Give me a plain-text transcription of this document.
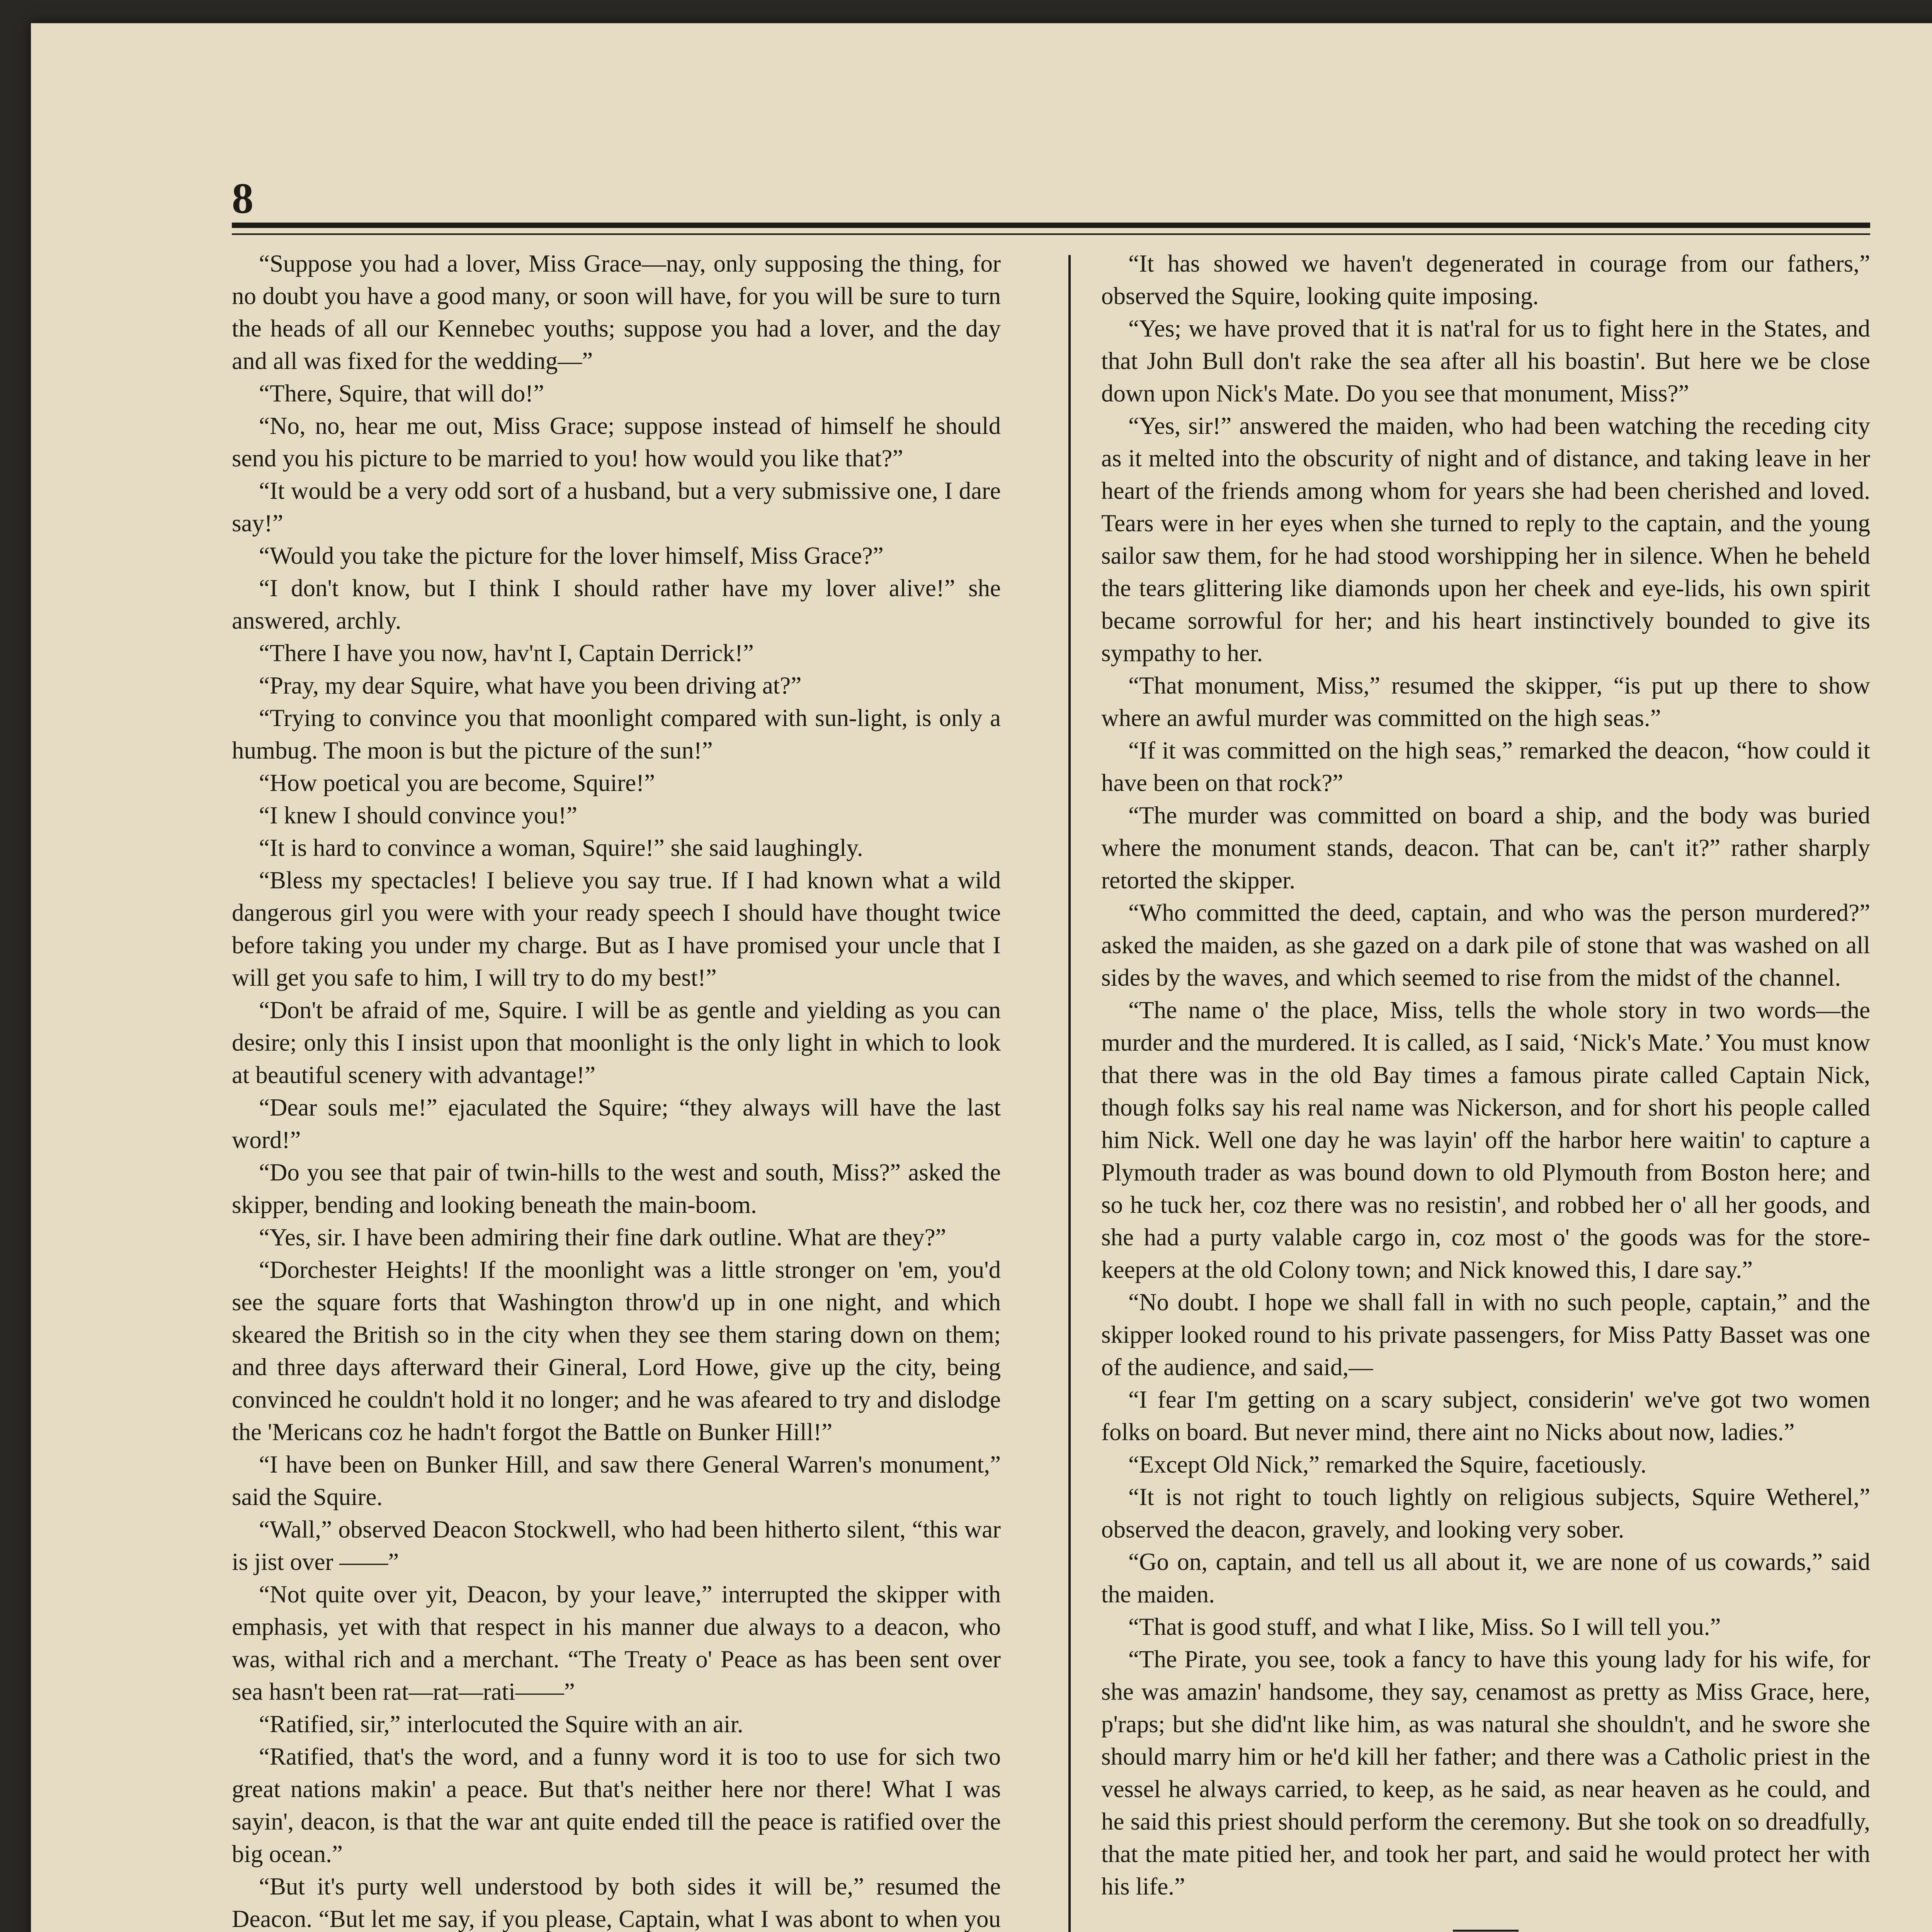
8

“Suppose you had a lover, Miss Grace—nay, only supposing the thing, for no doubt you have a good many, or soon will have, for you will be sure to turn the heads of all our Kennebec youths; suppose you had a lover, and the day and all was fixed for the wedding—”

“There, Squire, that will do!”

“No, no, hear me out, Miss Grace; suppose instead of himself he should send you his picture to be married to you! how would you like that?”

“It would be a very odd sort of a husband, but a very submissive one, I dare say!”

“Would you take the picture for the lover himself, Miss Grace?”

“I don't know, but I think I should rather have my lover alive!” she answered, archly.

“There I have you now, hav'nt I, Captain Derrick!”

“Pray, my dear Squire, what have you been driving at?”

“Trying to convince you that moonlight compared with sun-light, is only a humbug. The moon is but the picture of the sun!”

“How poetical you are become, Squire!”

“I knew I should convince you!”

“It is hard to convince a woman, Squire!” she said laughingly.

“Bless my spectacles! I believe you say true. If I had known what a wild dangerous girl you were with your ready speech I should have thought twice before taking you under my charge. But as I have promised your uncle that I will get you safe to him, I will try to do my best!”

“Don't be afraid of me, Squire. I will be as gentle and yielding as you can desire; only this I insist upon that moonlight is the only light in which to look at beautiful scenery with advantage!”

“Dear souls me!” ejaculated the Squire; “they always will have the last word!”

“Do you see that pair of twin-hills to the west and south, Miss?” asked the skipper, bending and looking beneath the main-boom.

“Yes, sir. I have been admiring their fine dark outline. What are they?”

“Dorchester Heights! If the moonlight was a little stronger on 'em, you'd see the square forts that Washington throw'd up in one night, and which skeared the British so in the city when they see them staring down on them; and three days afterward their Gineral, Lord Howe, give up the city, being convinced he couldn't hold it no longer; and he was afeared to try and dislodge the 'Mericans coz he hadn't forgot the Battle on Bunker Hill!”

“I have been on Bunker Hill, and saw there General Warren's monument,” said the Squire.

“Wall,” observed Deacon Stockwell, who had been hitherto silent, “this war is jist over ——”

“Not quite over yit, Deacon, by your leave,” interrupted the skipper with emphasis, yet with that respect in his manner due always to a deacon, who was, withal rich and a merchant. “The Treaty o' Peace as has been sent over sea hasn't been rat—rat—rati——”

“Ratified, sir,” interlocuted the Squire with an air.

“Ratified, that's the word, and a funny word it is too to use for sich two great nations makin' a peace. But that's neither here nor there! What I was sayin', deacon, is that the war ant quite ended till the peace is ratified over the big ocean.”

“But it's purty well understood by both sides it will be,” resumed the Deacon. “But let me say, if you please, Captain, what I was abont to when you

“It has showed we haven't degenerated in courage from our fathers,” observed the Squire, looking quite imposing.

“Yes; we have proved that it is nat'ral for us to fight here in the States, and that John Bull don't rake the sea after all his boastin'. But here we be close down upon Nick's Mate. Do you see that monument, Miss?”

“Yes, sir!” answered the maiden, who had been watching the receding city as it melted into the obscurity of night and of distance, and taking leave in her heart of the friends among whom for years she had been cherished and loved. Tears were in her eyes when she turned to reply to the captain, and the young sailor saw them, for he had stood worshipping her in silence. When he beheld the tears glittering like diamonds upon her cheek and eye-lids, his own spirit became sorrowful for her; and his heart instinctively bounded to give its sympathy to her.

“That monument, Miss,” resumed the skipper, “is put up there to show where an awful murder was committed on the high seas.”

“If it was committed on the high seas,” remarked the deacon, “how could it have been on that rock?”

“The murder was committed on board a ship, and the body was buried where the monument stands, deacon. That can be, can't it?” rather sharply retorted the skipper.

“Who committed the deed, captain, and who was the person murdered?” asked the maiden, as she gazed on a dark pile of stone that was washed on all sides by the waves, and which seemed to rise from the midst of the channel.

“The name o' the place, Miss, tells the whole story in two words—the murder and the murdered. It is called, as I said, ‘Nick's Mate.’ You must know that there was in the old Bay times a famous pirate called Captain Nick, though folks say his real name was Nickerson, and for short his people called him Nick. Well one day he was layin' off the harbor here waitin' to capture a Plymouth trader as was bound down to old Plymouth from Boston here; and so he tuck her, coz there was no resistin', and robbed her o' all her goods, and she had a purty valable cargo in, coz most o' the goods was for the store-keepers at the old Colony town; and Nick knowed this, I dare say.”

“No doubt. I hope we shall fall in with no such people, captain,” and the skipper looked round to his private passengers, for Miss Patty Basset was one of the audience, and said,—

“I fear I'm getting on a scary subject, considerin' we've got two women folks on board. But never mind, there aint no Nicks about now, ladies.”

“Except Old Nick,” remarked the Squire, facetiously.

“It is not right to touch lightly on religious subjects, Squire Wetherel,” observed the deacon, gravely, and looking very sober.

“Go on, captain, and tell us all about it, we are none of us cowards,” said the maiden.

“That is good stuff, and what I like, Miss. So I will tell you.”

“The Pirate, you see, took a fancy to have this young lady for his wife, for she was amazin' handsome, they say, cenamost as pretty as Miss Grace, here, p'raps; but she did'nt like him, as was natural she shouldn't, and he swore she should marry him or he'd kill her father; and there was a Catholic priest in the vessel he always carried, to keep, as he said, as near heaven as he could, and he said this priest should perform the ceremony. But she took on so dreadfully, that the mate pitied her, and took her part, and said he would protect her with his life.”
